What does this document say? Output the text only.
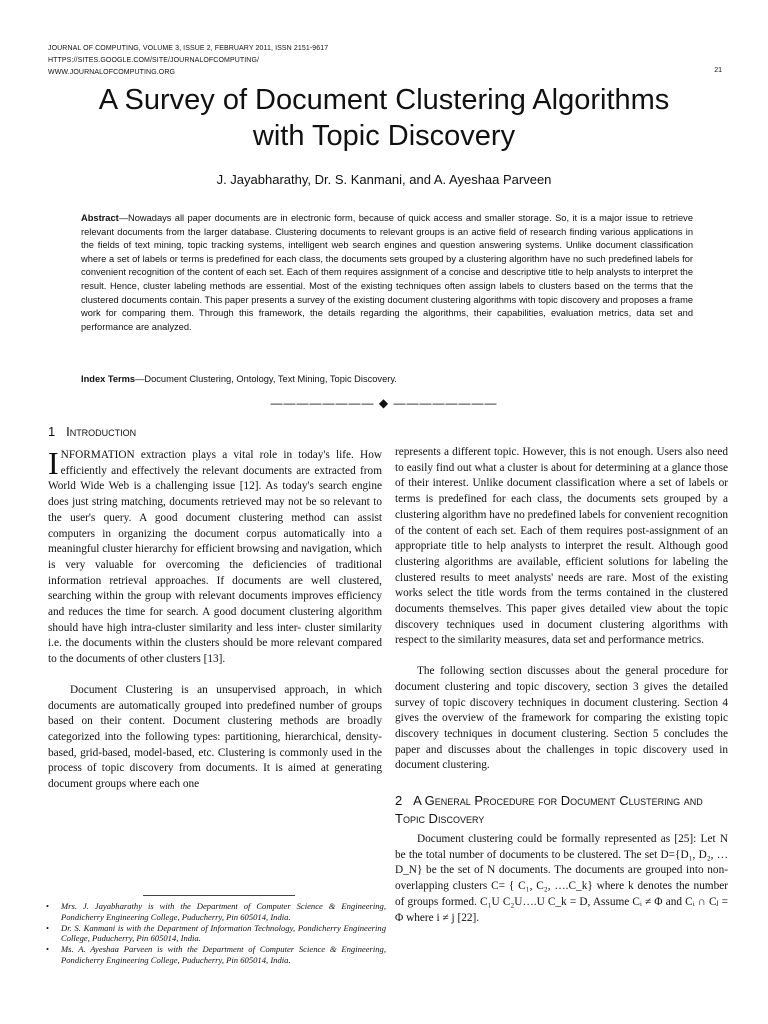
JOURNAL OF COMPUTING, VOLUME 3, ISSUE 2, FEBRUARY 2011, ISSN 2151-9617
HTTPS://SITES.GOOGLE.COM/SITE/JOURNALOFCOMPUTING/
WWW.JOURNALOFCOMPUTING.ORG	21
A Survey of Document Clustering Algorithms
with Topic Discovery
J. Jayabharathy, Dr. S. Kanmani, and A. Ayeshaa Parveen
Abstract—Nowadays all paper documents are in electronic form, because of quick access and smaller storage. So, it is a major issue to retrieve relevant documents from the larger database. Clustering documents to relevant groups is an active field of research finding various applications in the fields of text mining, topic tracking systems, intelligent web search engines and question answering systems. Unlike document classification where a set of labels or terms is predefined for each class, the documents sets grouped by a clustering algorithm have no such predefined labels for convenient recognition of the content of each set. Each of them requires assignment of a concise and descriptive title to help analysts to interpret the result. Hence, cluster labeling methods are essential. Most of the existing techniques often assign labels to clusters based on the terms that the clustered documents contain. This paper presents a survey of the existing document clustering algorithms with topic discovery and proposes a frame work for comparing them. Through this framework, the details regarding the algorithms, their capabilities, evaluation metrics, data set and performance are analyzed.
Index Terms—Document Clustering, Ontology, Text Mining, Topic Discovery.
———————— ◆ ————————

1 Introduction

INFORMATION extraction plays a vital role in today's life. How efficiently and effectively the relevant documents are extracted from World Wide Web is a challenging issue [12]. As today's search engine does just string matching, documents retrieved may not be so relevant to the user's query. A good document clustering method can assist computers in organizing the document corpus automatically into a meaningful cluster hierarchy for efficient browsing and navigation, which is very valuable for overcoming the deficiencies of traditional information retrieval approaches. If documents are well clustered, searching within the group with relevant documents improves efficiency and reduces the time for search. A good document clustering algorithm should have high intra-cluster similarity and less inter- cluster similarity i.e. the documents within the clusters should be more relevant compared to the documents of other clusters [13].

Document Clustering is an unsupervised approach, in which documents are automatically grouped into predefined number of groups based on their content. Document clustering methods are broadly categorized into the following types: partitioning, hierarchical, density-based, grid-based, model-based, etc. Clustering is commonly used in the process of topic discovery from documents. It is aimed at generating document groups where each one

represents a different topic. However, this is not enough. Users also need to easily find out what a cluster is about for determining at a glance those of their interest. Unlike document classification where a set of labels or terms is predefined for each class, the documents sets grouped by a clustering algorithm have no predefined labels for convenient recognition of the content of each set. Each of them requires post-assignment of an appropriate title to help analysts to interpret the result. Although good clustering algorithms are available, efficient solutions for labeling the clustered results to meet analysts' needs are rare. Most of the existing works select the title words from the terms contained in the clustered documents themselves. This paper gives detailed view about the topic discovery techniques used in document clustering algorithms with respect to the similarity measures, data set and performance metrics.

The following section discusses about the general procedure for document clustering and topic discovery, section 3 gives the detailed survey of topic discovery techniques in document clustering. Section 4 gives the overview of the framework for comparing the existing topic discovery techniques in document clustering. Section 5 concludes the paper and discusses about the challenges in topic discovery used in document clustering.

2 A General Procedure for Document Clustering and Topic Discovery

Document clustering could be formally represented as [25]: Let N be the total number of documents to be clustered. The set D={D₁, D₂, …D_N} be the set of N documents. The documents are grouped into non-overlapping clusters C= { C₁, C₂, ….C_k} where k denotes the number of groups formed. C₁U C₂U….U C_k = D, Assume Cᵢ ≠ Φ and Cᵢ ∩ Cⱼ = Φ where i ≠ j [22].

• Mrs. J. Jayabharathy is with the Department of Computer Science & Engineering, Pondicherry Engineering College, Puducherry, Pin 605014, India.
• Dr. S. Kanmani is with the Department of Information Technology, Pondicherry Engineering College, Puducherry, Pin 605014, India.
• Ms. A. Ayeshaa Parveen is with the Department of Computer Science & Engineering, Pondicherry Engineering College, Puducherry, Pin 605014, India.
